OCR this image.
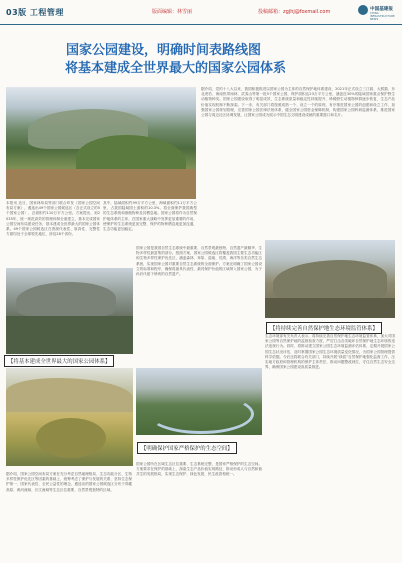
03版 工程管理	版面编辑：林雪丽	投稿邮箱：zgjhj@foxmail.com	中国基建报
CHINA INFRASTRUCTURE NEWS
国家公园建设，明确时间表路线图
将基本建成全世界最大的国家公园体系
【将基本建成全世界最大的国家公园体系】
【明确保护国家严格保护的生态空间】
【将持续完善自然保护地生态环境监管体系】
本报讯 近日，国家林草局等部门联合印发《国家公园空间布局方案》，遴选出49个国家公园候选区（含正式设立的5个国家公园），总面积约110万平方公里。方案提出，到2035年，统一规范高效的管理体制全面建立，基本完成国家公园空间布局建设任务，基本建成全世界最大的国家公园体系。49个国家公园候选区在资源代表性、原真性、完整性方面均处于全球领先地位，涉及28个省份。
其中，陆域面积约99万平方公里，海域面积约11万平方公里，占我国陆域国土面积的10.3%，将全面保护我国典型的生态系统和旗舰物种及其栖息地。国家公园将作为自然保护地体系的主体，在国家重大战略中发挥更加重要的作用，使保护的生态系统更加完整，保护的物种栖息地更加连通，生态功能更加稳定。
据介绍，党的十八大以来，我国积极推进以国家公园为主体的自然保护地体系建设，2021年正式设立三江源、大熊猫、东北虎豹、海南热带雨林、武夷山等第一批5个国家公园，保护面积达23万平方公里，涵盖近30%的陆域国家重点保护野生动植物种类。国家公园建设取得了明显成效，生态系统质量和稳定性持续提升，珍稀野生动植物种群逐步恢复，生态产品价值实现机制不断探索。下一步，有关部门将按照成熟一个、设立一个的原则，有序推进国家公园的创建和设立工作，加强国家公园规划管理，完善国家公园法律法规体系，健全国家公园资金保障机制，构建国家公园科研监测体系，推进国家公园与周边社区协调发展，让国家公园成为展示中国生态文明建设成就的重要窗口和名片。
国家公园是我国自然生态系统中最重要、自然景观最独特、自然遗产最精华、生物多样性最富集的部分。按照方案，国家公园候选区将覆盖我国主要生态功能区和生物多样性保护优先区，涵盖森林、草原、湿地、荒漠、海洋等各类自然生态系统，实现国家公园对重要自然生态系统的全面保护。方案还明确了国家公园设立的标准和程序，确保将最具代表性、最具保护价值的区域纳入国家公园，为子孙后代留下珍贵的自然遗产。
据介绍，国家公园空间布局方案在充分考虑自然地理格局、生态功能分区、生物多样性保护优先区等因素的基础上，统筹考虑了保护与发展的关系，坚持生态保护第一、国家代表性、全民公益性的理念，遴选出的国家公园候选区分布于青藏高原、黄河流域、长江流域等生态区位重要、自然景观独特的区域。
国家公园所在区域生态区位重要、生态系统完整，是国家严格保护的生态空间。方案要求在保护的基础上，探索生态产品价值实现路径，推动形成人与自然和谐共生的发展格局，实现生态保护、绿色发展、民生改善相统一。
生态环境部有关负责人表示，将持续完善自然保护地生态环境监管体系，加大对国家公园等自然保护地的监督检查力度，严厉打击各类破坏自然保护地生态环境的违法违规行为。同时，将推动建立国家公园生态环境监测评估体系，定期开展国家公园生态状况评估，及时掌握国家公园生态环境质量变化情况，为国家公园管理提供科学依据。今后还将联合有关部门，持续开展“绿盾”自然保护地强化监督工作，压实地方政府和管理机构的保护主体责任，推动问题整改到位，守住自然生态安全边界，确保国家公园建设高质量推进。
